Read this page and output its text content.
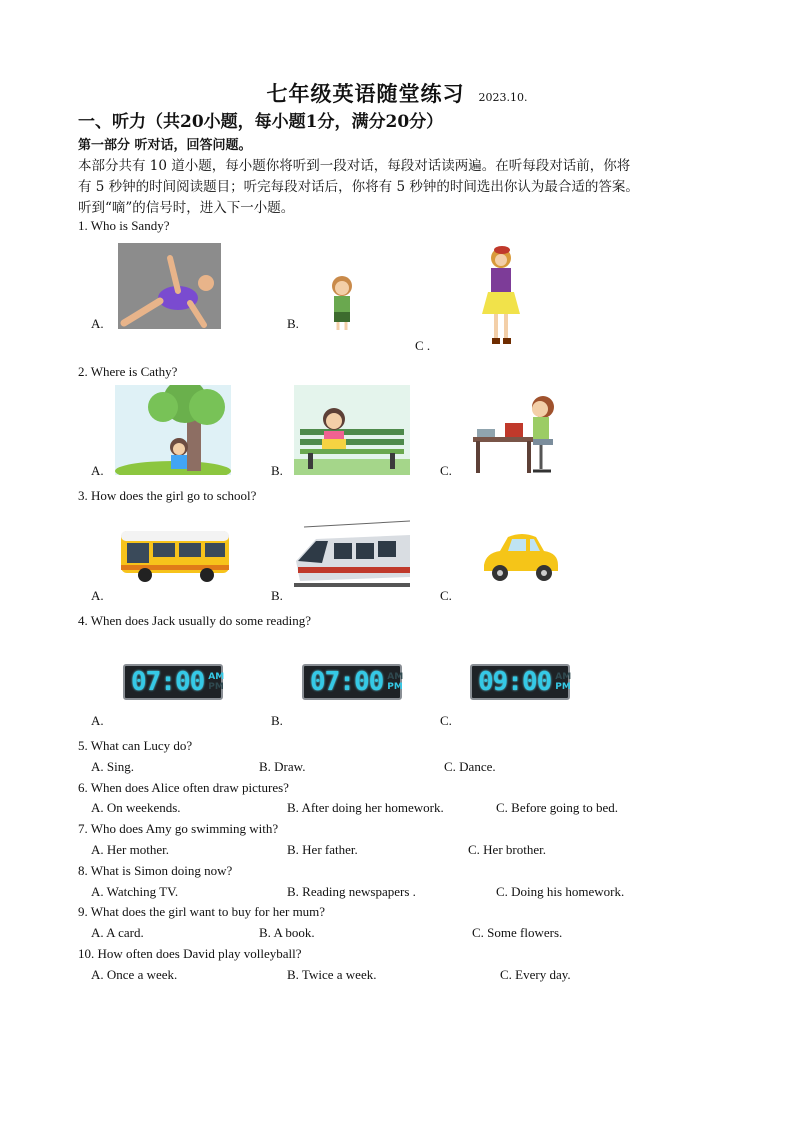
七年级英语随堂练习 2023.10.
一、听力（共20小题，每小题1分，满分20分）
第一部分 听对话，回答问题。
本部分共有 10 道小题，每小题你将听到一段对话，每段对话读两遍。在听每段对话前，你将
有 5 秒钟的时间阅读题目；听完每段对话后，你将有 5 秒钟的时间选出你认为最合适的答案。
听到“嘀”的信号时，进入下一小题。
1. Who is Sandy?
A.	B.
C .
2. Where is Cathy?
A.	B.	C.
3. How does the girl go to school?
A.	B.	C.
4. When does Jack usually do some reading?
07:00 AM
PM	07:00 AM
PM	09:00 AM
PM
A.	B.	C.
5. What can Lucy do?
A. Sing.	B. Draw.	C. Dance.
6. When does Alice often draw pictures?
A. On weekends.	B. After doing her homework.	C. Before going to bed.
7. Who does Amy go swimming with?
A. Her mother.	B. Her father.	C. Her brother.
8. What is Simon doing now?
A. Watching TV.	B. Reading newspapers .	C. Doing his homework.
9. What does the girl want to buy for her mum?
A. A card.	B. A book.	C. Some flowers.
10. How often does David play volleyball?
A. Once a week.	B. Twice a week.	C. Every day.
